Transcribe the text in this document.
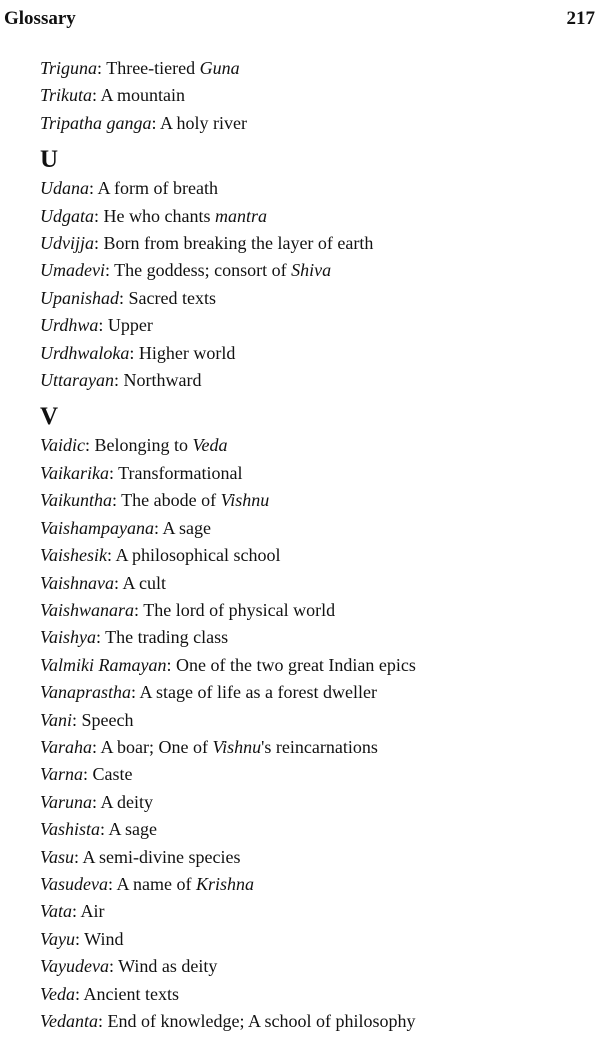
Glossary	217
Triguna: Three-tiered Guna
Trikuta: A mountain
Tripatha ganga: A holy river
U
Udana: A form of breath
Udgata: He who chants mantra
Udvijja: Born from breaking the layer of earth
Umadevi: The goddess; consort of Shiva
Upanishad: Sacred texts
Urdhwa: Upper
Urdhwaloka: Higher world
Uttarayan: Northward
V
Vaidic: Belonging to Veda
Vaikarika: Transformational
Vaikuntha: The abode of Vishnu
Vaishampayana: A sage
Vaishesik: A philosophical school
Vaishnava: A cult
Vaishwanara: The lord of physical world
Vaishya: The trading class
Valmiki Ramayan: One of the two great Indian epics
Vanaprastha: A stage of life as a forest dweller
Vani: Speech
Varaha: A boar; One of Vishnu's reincarnations
Varna: Caste
Varuna: A deity
Vashista: A sage
Vasu: A semi-divine species
Vasudeva: A name of Krishna
Vata: Air
Vayu: Wind
Vayudeva: Wind as deity
Veda: Ancient texts
Vedanta: End of knowledge; A school of philosophy
